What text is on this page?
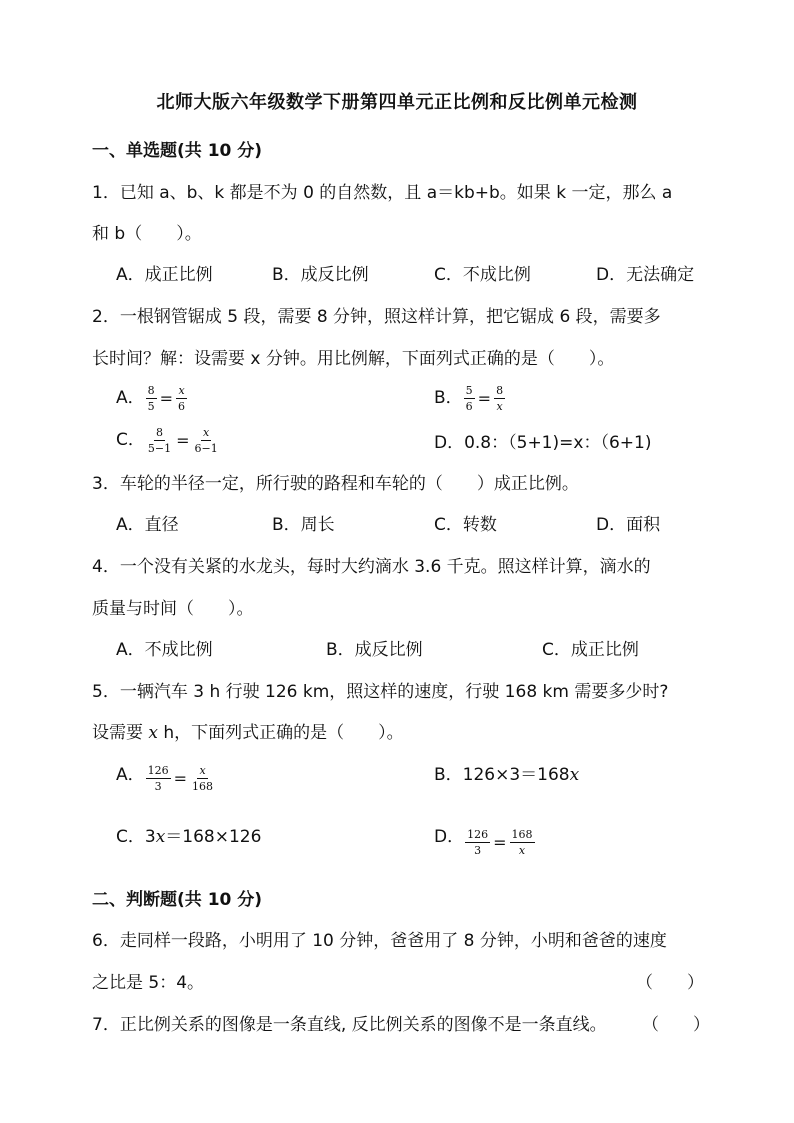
北师大版六年级数学下册第四单元正比例和反比例单元检测
一、单选题(共 10 分)
1．已知 a、b、k 都是不为 0 的自然数，且 a＝kb+b。如果 k 一定，那么 a
和 b（　　）。
A．成正比例	B．成反比例	C．不成比例	D．无法确定
2．一根钢管锯成 5 段，需要 8 分钟，照这样计算，把它锯成 6 段，需要多
长时间？解：设需要 x 分钟。用比例解，下面列式正确的是（　　）。
A． $\frac{8}{5} = \frac{x}{6}$	B． $\frac{5}{6} = \frac{8}{x}$
C． $\frac{8}{5-1} = \frac{x}{6-1}$	D．0.8：（5+1)=x：（6+1)
3．车轮的半径一定，所行驶的路程和车轮的（　　）成正比例。
A．直径	B．周长	C．转数	D．面积
4．一个没有关紧的水龙头，每时大约滴水 3.6 千克。照这样计算，滴水的
质量与时间（　　）。
A．不成比例	B．成反比例	C．成正比例
5．一辆汽车 3 h 行驶 126 km，照这样的速度，行驶 168 km 需要多少时?
设需要 x h，下面列式正确的是（　　）。
A． $\frac{126}{3} = \frac{x}{168}$	B．126×3＝168x
C．3x＝168×126	D． $\frac{126}{3} = \frac{168}{x}$
二、判断题(共 10 分)
6．走同样一段路，小明用了 10 分钟，爸爸用了 8 分钟，小明和爸爸的速度
之比是 5：4。	（　　）
7．正比例关系的图像是一条直线, 反比例关系的图像不是一条直线。 （　　）
